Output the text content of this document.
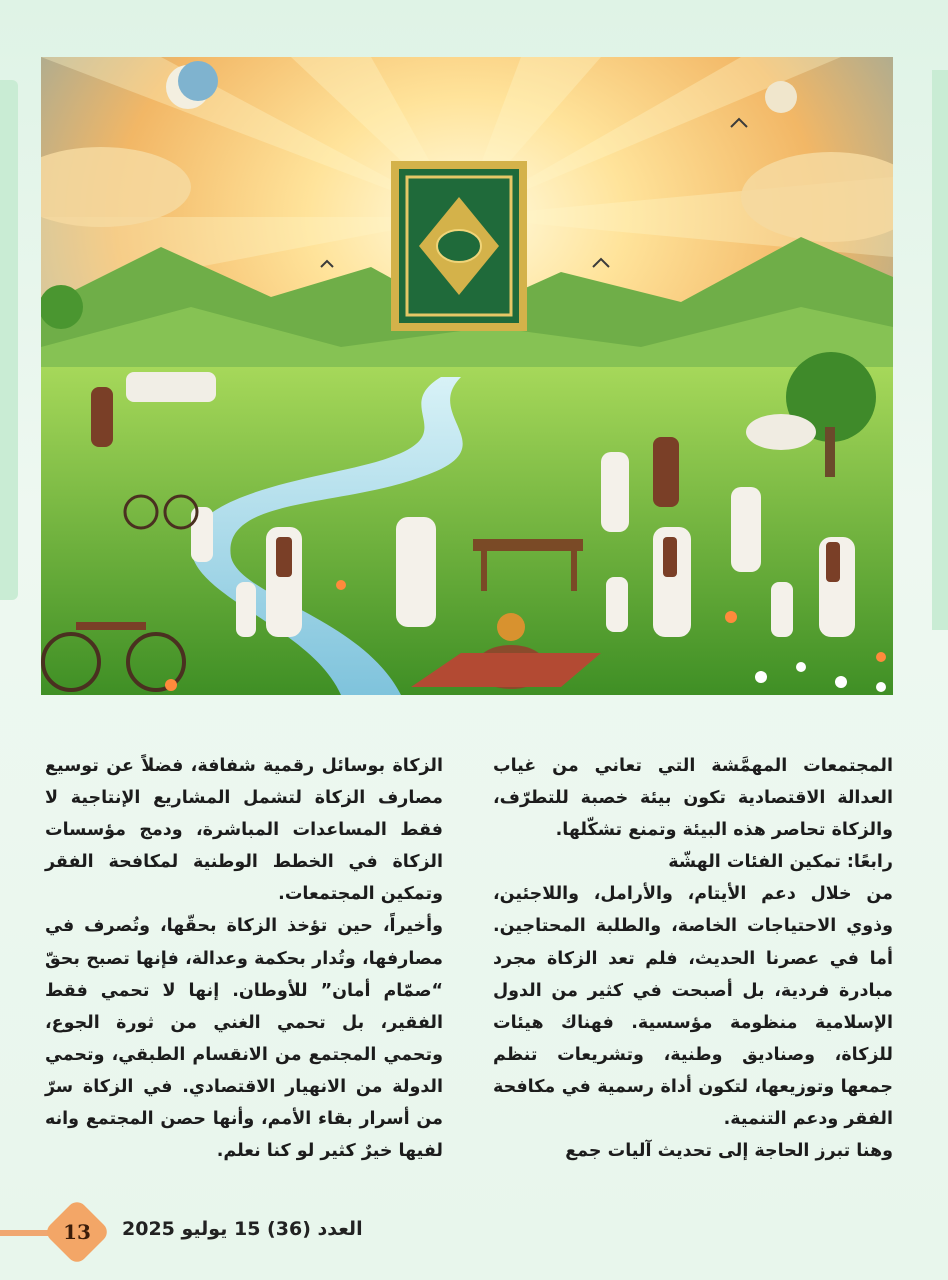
المجتمعات المهمَّشة التي تعاني من غياب العدالة الاقتصادية تكون بيئة خصبة للتطرّف، والزكاة تحاصر هذه البيئة وتمنع تشكّلها.

رابعًا: تمكين الفئات الهشّة

من خلال دعم الأيتام، والأرامل، واللاجئين، وذوي الاحتياجات الخاصة، والطلبة المحتاجين. أما في عصرنا الحديث، فلم تعد الزكاة مجرد مبادرة فردية، بل أصبحت في كثير من الدول الإسلامية منظومة مؤسسية. فهناك هيئات للزكاة، وصناديق وطنية، وتشريعات تنظم جمعها وتوزيعها، لتكون أداة رسمية في مكافحة الفقر ودعم التنمية.

وهنا تبرز الحاجة إلى تحديث آليات جمع

الزكاة بوسائل رقمية شفافة، فضلاً عن توسيع مصارف الزكاة لتشمل المشاريع الإنتاجية لا فقط المساعدات المباشرة، ودمج مؤسسات الزكاة في الخطط الوطنية لمكافحة الفقر وتمكين المجتمعات.

وأخيراً، حين تؤخذ الزكاة بحقّها، وتُصرف في مصارفها، وتُدار بحكمة وعدالة، فإنها تصبح بحقّ “صمّام أمان” للأوطان. إنها لا تحمي فقط الفقير، بل تحمي الغني من ثورة الجوع، وتحمي المجتمع من الانقسام الطبقي، وتحمي الدولة من الانهيار الاقتصادي. في الزكاة سرّ من أسرار بقاء الأمم، وأنها حصن المجتمع وانه لفيها خيرٌ كثير لو كنا نعلم.

13	العدد (36) 15 يوليو 2025
